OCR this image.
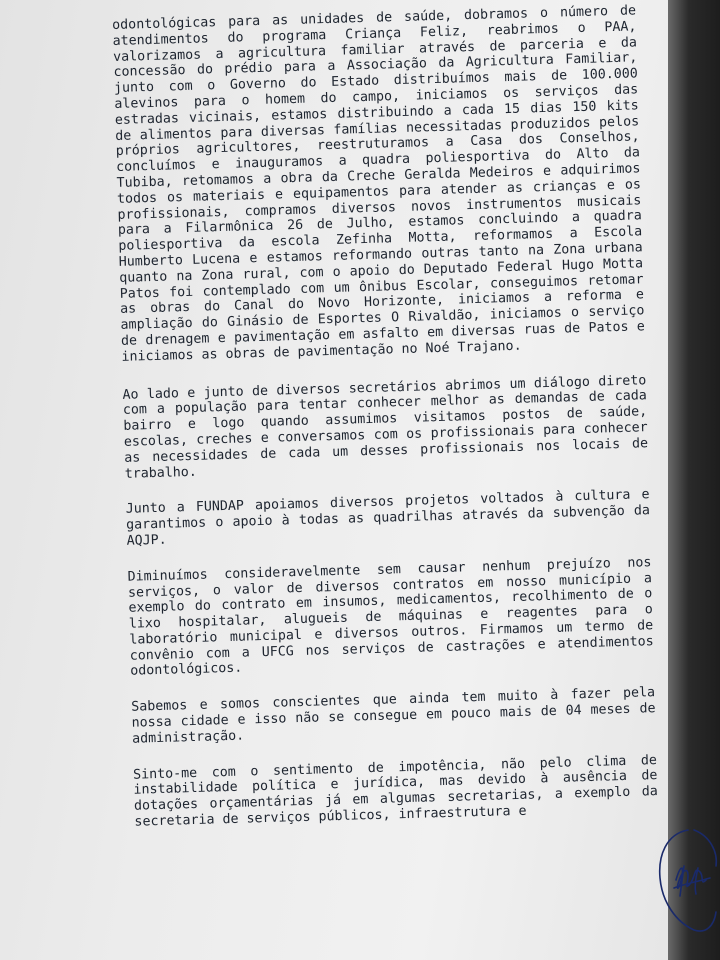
odontológicas para as unidades de saúde, dobramos o número de atendimentos do programa Criança Feliz, reabrimos o PAA, valorizamos a agricultura familiar através de parceria e da concessão do prédio para a Associação da Agricultura Familiar, junto com o Governo do Estado distribuímos mais de 100.000 alevinos para o homem do campo, iniciamos os serviços das estradas vicinais, estamos distribuindo a cada 15 dias 150 kits de alimentos para diversas famílias necessitadas produzidos pelos próprios agricultores, reestruturamos a Casa dos Conselhos, concluímos e inauguramos a quadra poliesportiva do Alto da Tubiba, retomamos a obra da Creche Geralda Medeiros e adquirimos todos os materiais e equipamentos para atender as crianças e os profissionais, compramos diversos novos instrumentos musicais para a Filarmônica 26 de Julho, estamos concluindo a quadra poliesportiva da escola Zefinha Motta, reformamos a Escola Humberto Lucena e estamos reformando outras tanto na Zona urbana quanto na Zona rural, com o apoio do Deputado Federal Hugo Motta Patos foi contemplado com um ônibus Escolar, conseguimos retomar as obras do Canal do Novo Horizonte, iniciamos a reforma e ampliação do Ginásio de Esportes O Rivaldão, iniciamos o serviço de drenagem e pavimentação em asfalto em diversas ruas de Patos e iniciamos as obras de pavimentação no Noé Trajano.

Ao lado e junto de diversos secretários abrimos um diálogo direto com a população para tentar conhecer melhor as demandas de cada bairro e logo quando assumimos visitamos postos de saúde, escolas, creches e conversamos com os profissionais para conhecer as necessidades de cada um desses profissionais nos locais de trabalho.

Junto a FUNDAP apoiamos diversos projetos voltados à cultura e garantimos o apoio à todas as quadrilhas através da subvenção da AQJP.

Diminuímos consideravelmente sem causar nenhum prejuízo nos serviços, o valor de diversos contratos em nosso município a exemplo do contrato em insumos, medicamentos, recolhimento de o lixo hospitalar, alugueis de máquinas e reagentes para o laboratório municipal e diversos outros. Firmamos um termo de convênio com a UFCG nos serviços de castrações e atendimentos odontológicos.

Sabemos e somos conscientes que ainda tem muito à fazer pela nossa cidade e isso não se consegue em pouco mais de 04 meses de administração.

Sinto-me com o sentimento de impotência, não pelo clima de instabilidade política e jurídica, mas devido à ausência de dotações orçamentárias já em algumas secretarias, a exemplo da secretaria de serviços públicos, infraestrutura e
